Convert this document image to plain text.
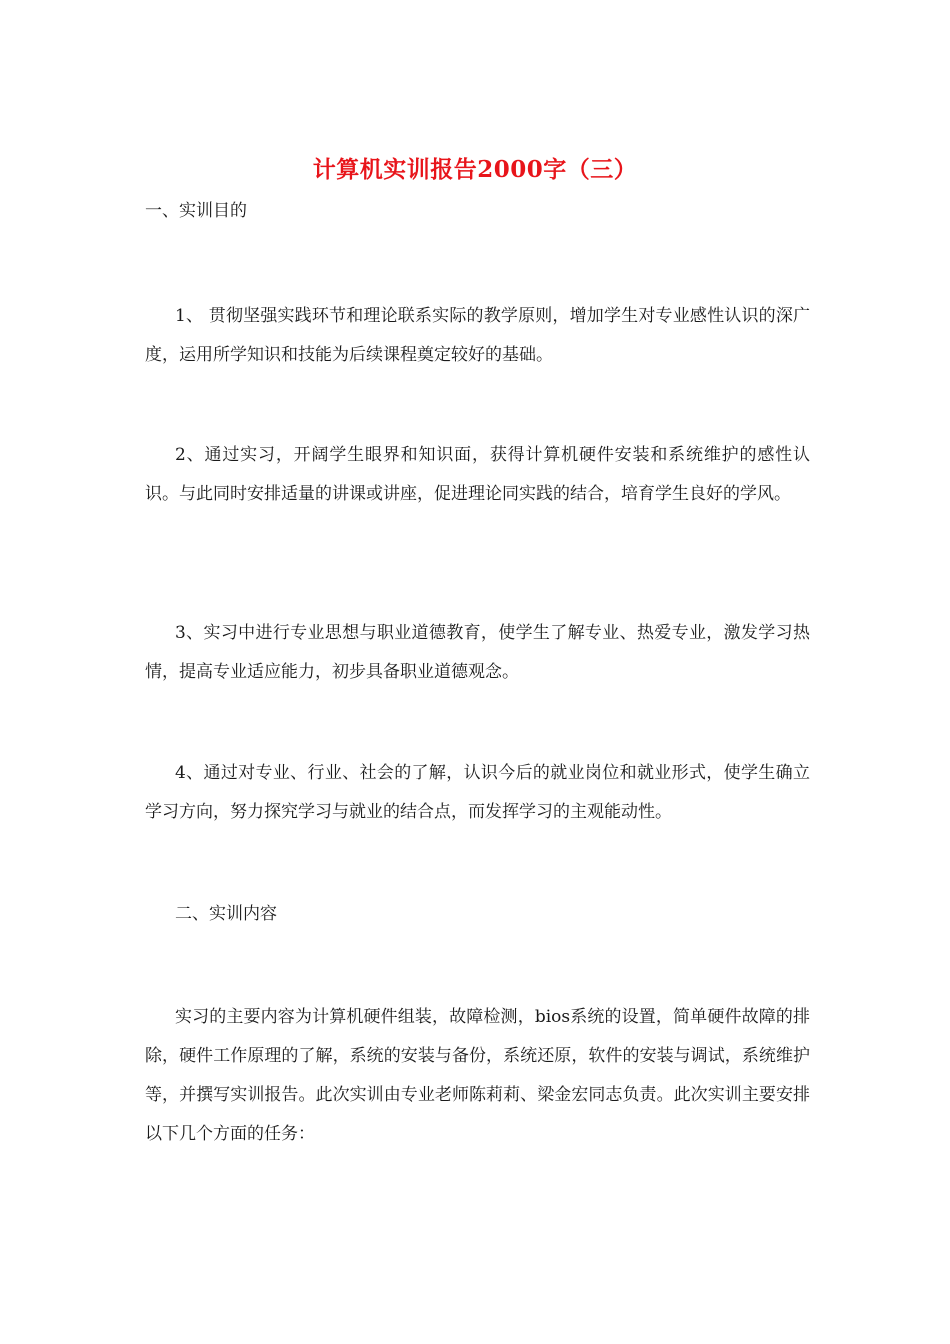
计算机实训报告2000字（三）
一、实训目的
1、 贯彻坚强实践环节和理论联系实际的教学原则，增加学生对专业感性认识的深广度，运用所学知识和技能为后续课程奠定较好的基础。
2、通过实习，开阔学生眼界和知识面，获得计算机硬件安装和系统维护的感性认识。与此同时安排适量的讲课或讲座，促进理论同实践的结合，培育学生良好的学风。
3、实习中进行专业思想与职业道德教育，使学生了解专业、热爱专业，激发学习热情，提高专业适应能力，初步具备职业道德观念。
4、通过对专业、行业、社会的了解，认识今后的就业岗位和就业形式，使学生确立学习方向，努力探究学习与就业的结合点，而发挥学习的主观能动性。
二、实训内容
实习的主要内容为计算机硬件组装，故障检测，bios系统的设置，简单硬件故障的排除，硬件工作原理的了解，系统的安装与备份，系统还原，软件的安装与调试，系统维护等，并撰写实训报告。此次实训由专业老师陈莉莉、梁金宏同志负责。此次实训主要安排以下几个方面的任务：
